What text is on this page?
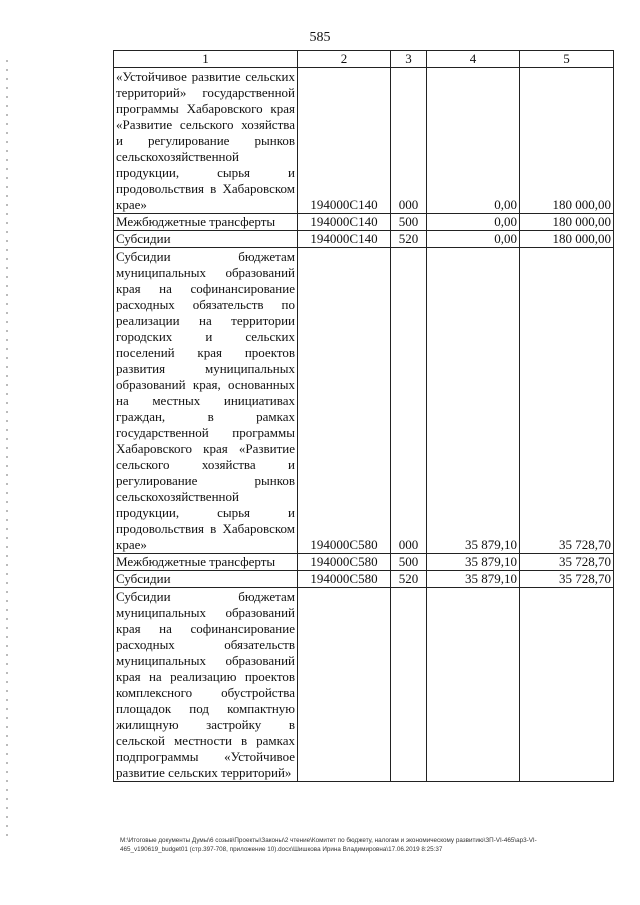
585
1	2	3	4	5
«Устойчивое развитие сельских территорий» государственной программы Хабаровского края «Развитие сельского хозяйства и регулирование рынков сельскохозяйственной продукции, сырья и продовольствия в Хабаровском крае»	194000С140	000	0,00	180 000,00
Межбюджетные трансферты	194000С140	500	0,00	180 000,00
Субсидии	194000С140	520	0,00	180 000,00
Субсидии бюджетам муниципальных образований края на софинансирование расходных обязательств по реализации на территории городских и сельских поселений края проектов развития муниципальных образований края, основанных на местных инициативах граждан, в рамках государственной программы Хабаровского края «Развитие сельского хозяйства и регулирование рынков сельскохозяйственной продукции, сырья и продовольствия в Хабаровском крае»	194000С580	000	35 879,10	35 728,70
Межбюджетные трансферты	194000С580	500	35 879,10	35 728,70
Субсидии	194000С580	520	35 879,10	35 728,70
Субсидии бюджетам муниципальных образований края на софинансирование расходных обязательств муниципальных образований края на реализацию проектов комплексного обустройства площадок под компактную жилищную застройку в сельской местности в рамках подпрограммы «Устойчивое развитие сельских территорий»				
М:\Итоговые документы Думы\6 созыв\Проекты\Законы\2 чтение\Комитет по бюджету, налогам и экономическому развитию\ЗП-VI-465\ap3-VI-
465_v190619_budget01 (стр.397-708, приложение 10).docx\Шишкова Ирина Владимировна\17.06.2019 8:25:37
